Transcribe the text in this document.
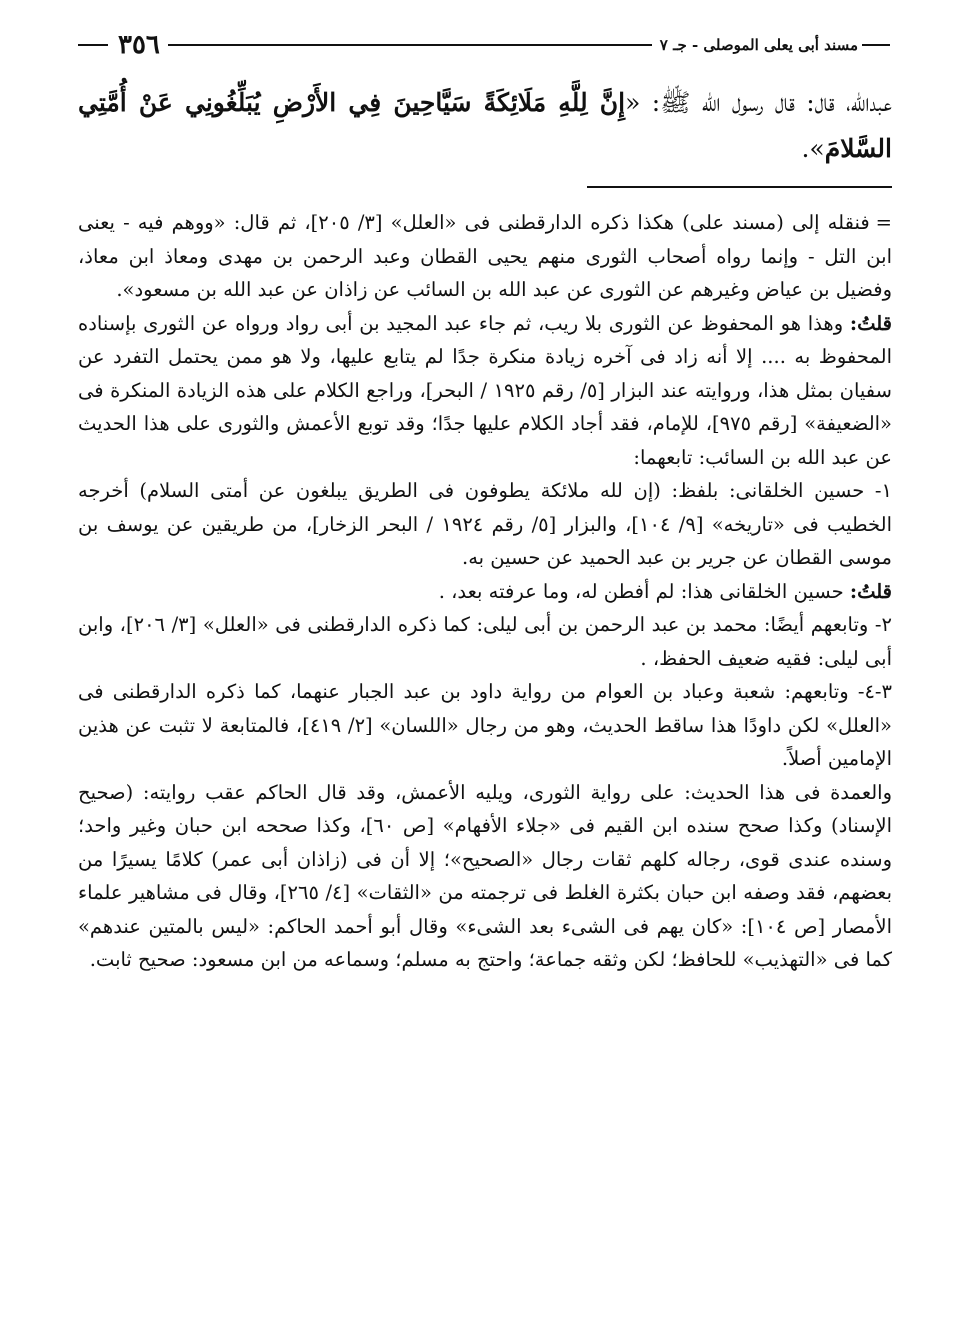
مسند أبى يعلى الموصلى - جـ ٧
٣٥٦
عبدالله، قال: قال رسول الله ﷺ: «إِنَّ لِلَّهِ مَلَائِكَةً سَيَّاحِينَ فِي الأَرْضِ يُبَلِّغُونِي عَنْ أُمَّتِي السَّلامَ».

=فنقله إلى (مسند على) هكذا ذكره الدارقطنى فى «العلل» [٣/ ٢٠٥]، ثم قال: «ووهم فيه - يعنى ابن التل - وإنما رواه أصحاب الثورى منهم يحيى القطان وعبد الرحمن بن مهدى ومعاذ ابن معاذ، وفضيل بن عياض وغيرهم عن الثورى عن عبد الله بن السائب عن زاذان عن عبد الله بن مسعود».

قلتُ: وهذا هو المحفوظ عن الثورى بلا ريب، ثم جاء عبد المجيد بن أبى رواد ورواه عن الثورى بإسناده المحفوظ به .... إلا أنه زاد فى آخره زيادة منكرة جدًا لم يتابع عليها، ولا هو ممن يحتمل التفرد عن سفيان بمثل هذا، وروايته عند البزار [٥/ رقم ١٩٢٥ / البحر]، وراجع الكلام على هذه الزيادة المنكرة فى «الضعيفة» [رقم ٩٧٥]، للإمام، فقد أجاد الكلام عليها جدًا؛ وقد توبع الأعمش والثورى على هذا الحديث عن عبد الله بن السائب: تابعهما:

١- حسين الخلقانى: بلفظ: (إن لله ملائكة يطوفون فى الطريق يبلغون عن أمتى السلام) أخرجه الخطيب فى «تاريخه» [٩/ ١٠٤]، والبزار [٥/ رقم ١٩٢٤ / البحر الزخار]، من طريقين عن يوسف بن موسى القطان عن جرير بن عبد الحميد عن حسين به.

قلتُ: حسين الخلقانى هذا: لم أفطن له، وما عرفته بعد، .

٢- وتابعهم أيضًا: محمد بن عبد الرحمن بن أبى ليلى: كما ذكره الدارقطنى فى «العلل» [٣/ ٢٠٦]، وابن أبى ليلى: فقيه ضعيف الحفظ، .

٣-٤- وتابعهم: شعبة وعباد بن العوام من رواية داود بن عبد الجبار عنهما، كما ذكره الدارقطنى فى «العلل» لكن داودًا هذا ساقط الحديث، وهو من رجال «اللسان» [٢/ ٤١٩]، فالمتابعة لا تثبت عن هذين الإمامين أصلاً.

والعمدة فى هذا الحديث: على رواية الثورى، ويليه الأعمش، وقد قال الحاكم عقب روايته: (صحيح الإسناد) وكذا صحح سنده ابن القيم فى «جلاء الأفهام» [ص ٦٠]، وكذا صححه ابن حبان وغير واحد؛ وسنده عندى قوى، رجاله كلهم ثقات رجال «الصحيح»؛ إلا أن فى (زاذان أبى عمر) كلامًا يسيرًا من بعضهم، فقد وصفه ابن حبان بكثرة الغلط فى ترجمته من «الثقات» [٤/ ٢٦٥]، وقال فى مشاهير علماء الأمصار [ص ١٠٤]: «كان يهم فى الشىء بعد الشىء» وقال أبو أحمد الحاكم: «ليس بالمتين عندهم» كما فى «التهذيب» للحافظ؛ لكن وثقه جماعة؛ واحتج به مسلم؛ وسماعه من ابن مسعود: صحيح ثابت.
